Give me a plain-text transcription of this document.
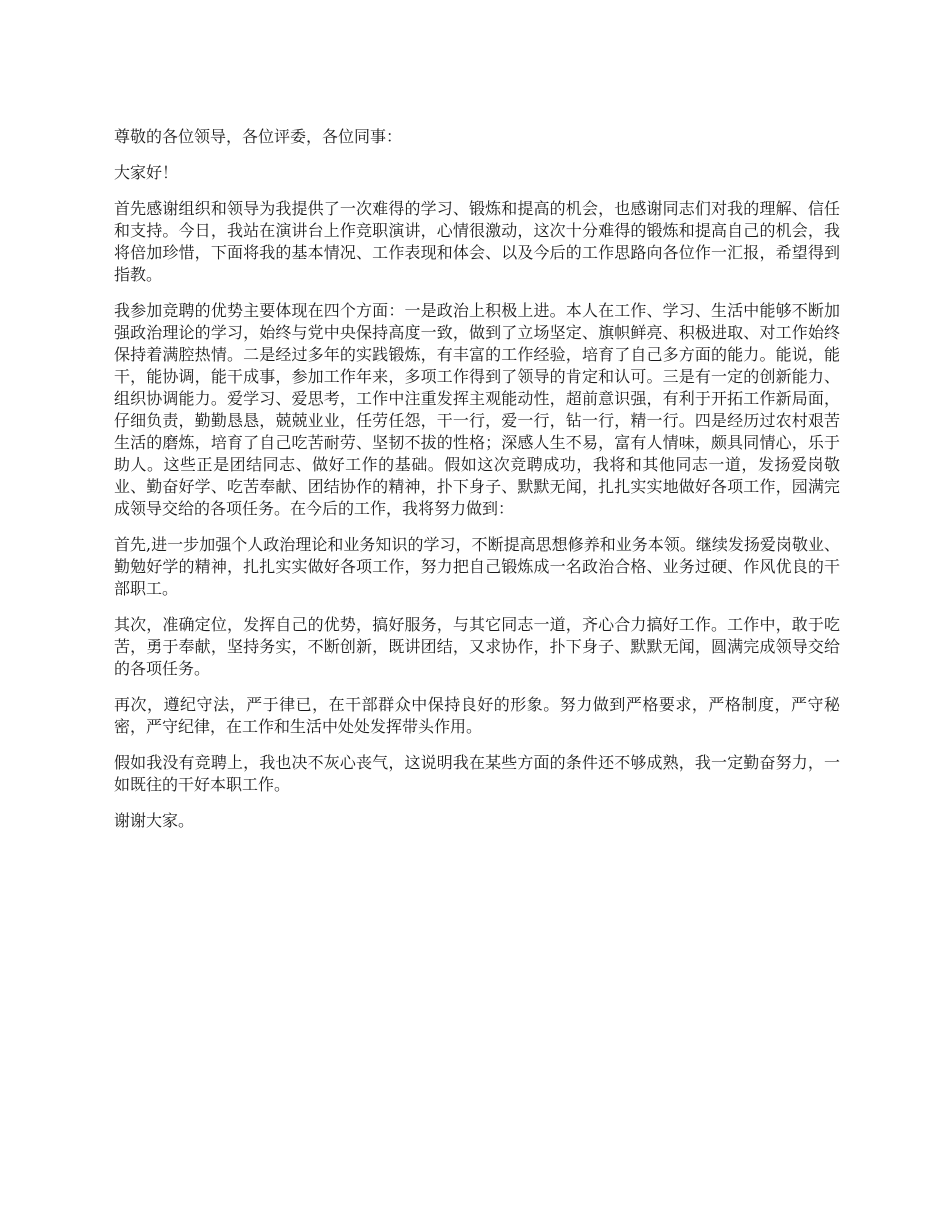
尊敬的各位领导，各位评委，各位同事：

大家好！

首先感谢组织和领导为我提供了一次难得的学习、锻炼和提高的机会，也感谢同志们对我的理解、信任和支持。今日，我站在演讲台上作竞职演讲，心情很激动，这次十分难得的锻炼和提高自己的机会，我将倍加珍惜，下面将我的基本情况、工作表现和体会、以及今后的工作思路向各位作一汇报，希望得到指教。

我参加竞聘的优势主要体现在四个方面：一是政治上积极上进。本人在工作、学习、生活中能够不断加强政治理论的学习，始终与党中央保持高度一致，做到了立场坚定、旗帜鲜亮、积极进取、对工作始终保持着满腔热情。二是经过多年的实践锻炼，有丰富的工作经验，培育了自己多方面的能力。能说，能干，能协调，能干成事，参加工作年来，多项工作得到了领导的肯定和认可。三是有一定的创新能力、组织协调能力。爱学习、爱思考，工作中注重发挥主观能动性，超前意识强，有利于开拓工作新局面，仔细负责，勤勤恳恳，兢兢业业，任劳任怨，干一行，爱一行，钻一行，精一行。四是经历过农村艰苦生活的磨炼，培育了自己吃苦耐劳、坚韧不拔的性格；深感人生不易，富有人情味，颇具同情心，乐于助人。这些正是团结同志、做好工作的基础。假如这次竞聘成功，我将和其他同志一道，发扬爱岗敬业、勤奋好学、吃苦奉献、团结协作的精神，扑下身子、默默无闻，扎扎实实地做好各项工作，园满完成领导交给的各项任务。在今后的工作，我将努力做到：

首先,进一步加强个人政治理论和业务知识的学习，不断提高思想修养和业务本领。继续发扬爱岗敬业、勤勉好学的精神，扎扎实实做好各项工作，努力把自己锻炼成一名政治合格、业务过硬、作风优良的干部职工。

其次，准确定位，发挥自己的优势，搞好服务，与其它同志一道，齐心合力搞好工作。工作中，敢于吃苦，勇于奉献，坚持务实，不断创新，既讲团结，又求协作，扑下身子、默默无闻，圆满完成领导交给的各项任务。

再次，遵纪守法，严于律已，在干部群众中保持良好的形象。努力做到严格要求，严格制度，严守秘密，严守纪律，在工作和生活中处处发挥带头作用。

假如我没有竞聘上，我也决不灰心丧气，这说明我在某些方面的条件还不够成熟，我一定勤奋努力，一如既往的干好本职工作。

谢谢大家。
